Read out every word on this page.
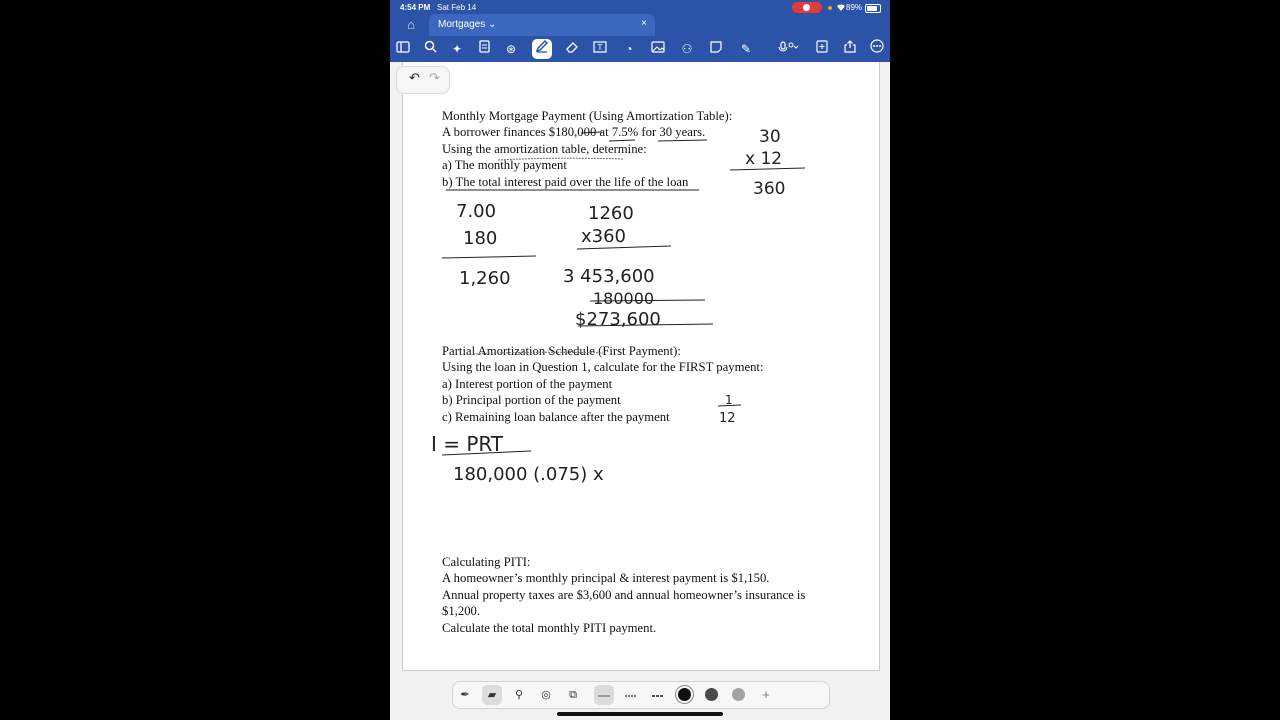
4:54 PM Sat Feb 14	89%
⌂	Mortgages ⌄	×
✦	⊛	T	◔	⚇	✎
Monthly Mortgage Payment (Using Amortization Table):
A borrower finances $180,000 at 7.5% for 30 years.
Using the amortization table, determine:
a) The monthly payment
b) The total interest paid over the life of the loan
Partial Amortization Schedule (First Payment):
Using the loan in Question 1, calculate for the FIRST payment:
a) Interest portion of the payment
b) Principal portion of the payment
c) Remaining loan balance after the payment
Calculating PITI:
A homeowner’s monthly principal & interest payment is $1,150.
Annual property taxes are $3,600 and annual homeowner’s insurance is
$1,200.
Calculate the total monthly PITI payment.
30
x 12
360
7.00
180
1,260
1260
x360
3 453,600
180000
$273,600
I = PRT
180,000 (.075) x
1
12
↶ ↷
✒	▰	⚲	◎	⧉	+
